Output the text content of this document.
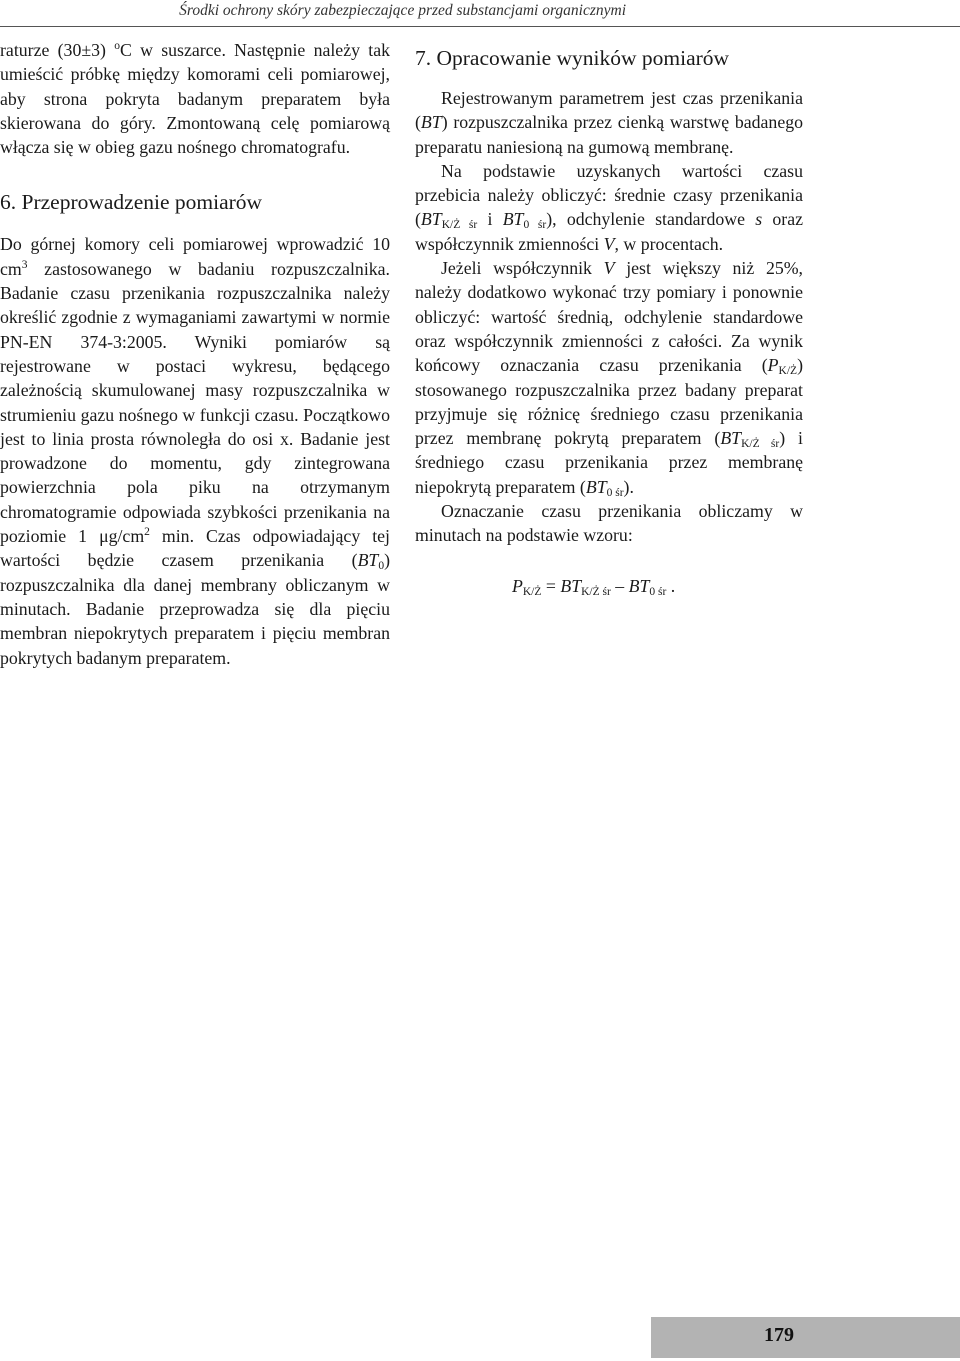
Środki ochrony skóry zabezpieczające przed substancjami organicznymi

raturze (30±3) $^o$C w suszarce. Następnie należy tak umieścić próbkę między komorami celi pomiarowej, aby strona pokryta badanym preparatem była skierowana do góry. Zmontowaną celę pomiarową włącza się w obieg gazu nośnego chromatografu.

6. Przeprowadzenie pomiarów

Do górnej komory celi pomiarowej wprowadzić 10 $cm^3$ zastosowanego w badaniu rozpuszczalnika. Badanie czasu przenikania rozpuszczalnika należy określić zgodnie z wymaganiami zawartymi w normie PN-EN 374-3:2005. Wyniki pomiarów są rejestrowane w postaci wykresu, będącego zależnością skumulowanej masy rozpuszczalnika w strumieniu gazu nośnego w funkcji czasu. Początkowo jest to linia prosta równoległa do osi x. Badanie jest prowadzone do momentu, gdy zintegrowana powierzchnia pola piku na otrzymanym chromatogramie odpowiada szybkości przenikania na poziomie 1 $\mu g/cm^2$ min. Czas odpowiadający tej wartości będzie czasem przenikania $(BT_0)$ rozpuszczalnika dla danej membrany obliczanym w minutach. Badanie przeprowadza się dla pięciu membran niepokrytych preparatem i pięciu membran pokrytych badanym preparatem.

7. Opracowanie wyników pomiarów

Rejestrowanym parametrem jest czas przenikania (BT) rozpuszczalnika przez cienką warstwę badanego preparatu naniesioną na gumową membranę.

Na podstawie uzyskanych wartości czasu przebicia należy obliczyć: średnie czasy przenikania ($BT_{K/Ż śr}$ i $BT_{0 śr}$), odchylenie standardowe s oraz współczynnik zmienności V, w procentach.

Jeżeli współczynnik V jest większy niż 25%, należy dodatkowo wykonać trzy pomiary i ponownie obliczyć: wartość średnią, odchylenie standardowe oraz współczynnik zmienności z całości. Za wynik końcowy oznaczania czasu przenikania $(P_{K/Ż})$ stosowanego rozpuszczalnika przez badany preparat przyjmuje się różnicę średniego czasu przenikania przez membranę pokrytą preparatem $(BT_{K/Ż śr})$ i średniego czasu przenikania przez membranę niepokrytą preparatem $(BT_{0 śr})$.

Oznaczanie czasu przenikania obliczamy w minutach na podstawie wzoru:

$P_{K/Ż} = BT_{K/Ż śr} - BT_{0 śr}$ .
179
